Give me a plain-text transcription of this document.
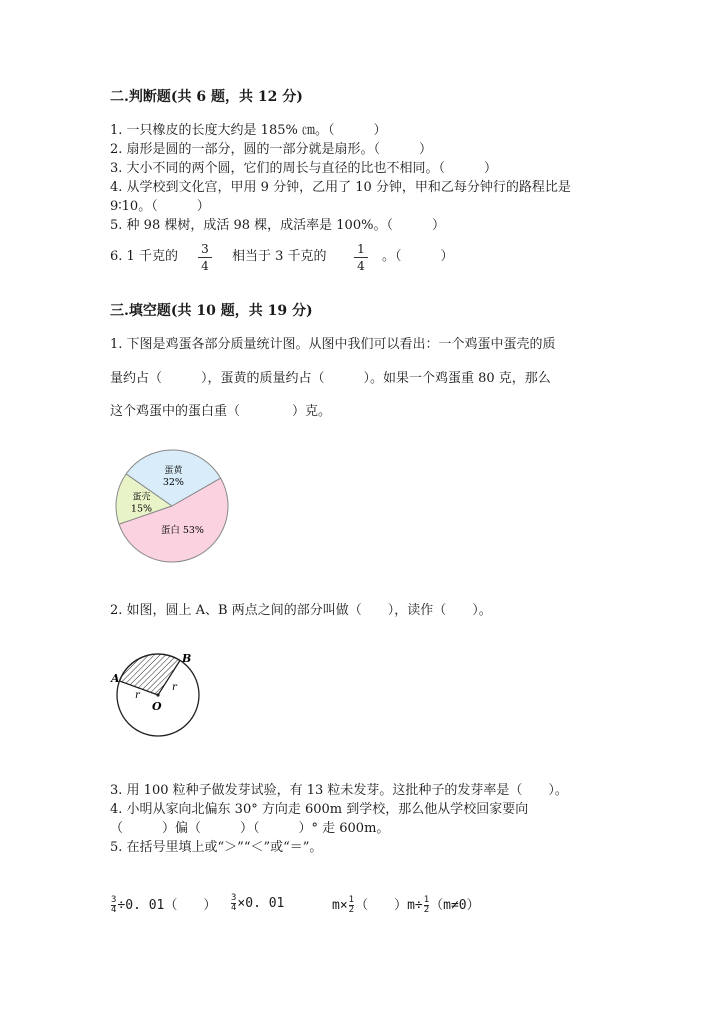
二.判断题(共 6 题，共 12 分)
1. 一只橡皮的长度大约是 185% ㎝。（　　　）
2. 扇形是圆的一部分，圆的一部分就是扇形。（　　　）
3. 大小不同的两个圆，它们的周长与直径的比也不相同。（　　　）
4. 从学校到文化宫，甲用 9 分钟，乙用了 10 分钟，甲和乙每分钟行的路程比是
9∶10。（　　　）
5. 种 98 棵树，成活 98 棵，成活率是 100%。（　　　）
6. 1 千克的 3
4
相当于 3 千克的	1
4
。（　　　）
三.填空题(共 10 题，共 19 分)
1. 下图是鸡蛋各部分质量统计图。从图中我们可以看出：一个鸡蛋中蛋壳的质
量约占（　　　），蛋黄的质量约占（　　　）。如果一个鸡蛋重 80 克，那么
这个鸡蛋中的蛋白重（　　　　）克。
蛋壳
15%
蛋黄
32%
蛋白 53%
2. 如图，圆上 A、B 两点之间的部分叫做（　　），读作（　　）。
A
B
O
r
r
3. 用 100 粒种子做发芽试验，有 13 粒未发芽。这批种子的发芽率是（　　）。
4. 小明从家向北偏东 30° 方向走 600m 到学校，那么他从学校回家要向
（　　　）偏（　　　）（　　　）° 走 600m。
5. 在括号里填上或“＞”“＜”或“＝”。
$\frac{3}{4}\div 0$. 01（　　） $\frac{3}{4}\times 0$. 01	$m\times\frac{1}{2}$（　　）$m\div\frac{1}{2}(m\ne 0)$
